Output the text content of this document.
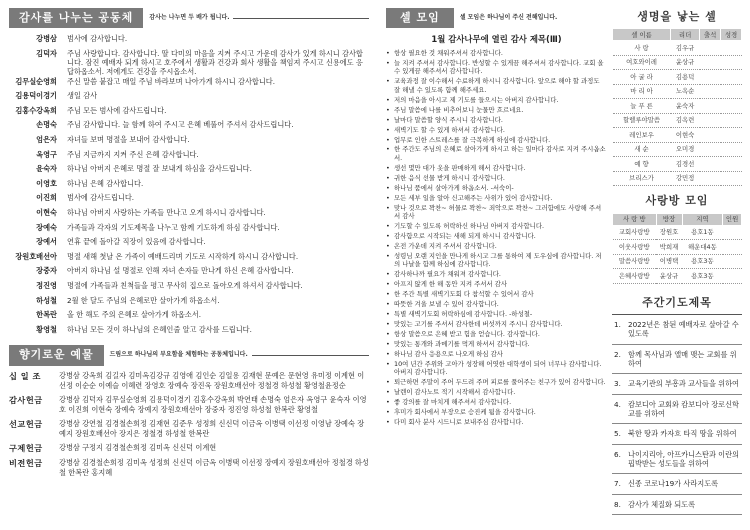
감사를 나누는 공동체	감사는 나누면 두 배가 됩니다.
강병삼	범사에 감사합니다.
김덕자	주님 사랑합니다. 감사합니다. 딸 다미의 마음을 지켜 주시고 가운데 감사가 있게 하시니 감사합니다. 잠진 예배자 되게 하시고 호주에서 생활과 건강과 회사 생활을 책임져 주시고 신용에도 응답하옵소서. 저에게도 건강을 주시옵소서.
김무실순영희	주신 말씀 붙잡고 매일 주님 바라보며 나아가게 하시니 감사합니다.
김용덕이경기	생일 감사
김홍수강옥희	주님 모든 범사에 감사드립니다.
손명숙	주님 감사합니다. 늘 함께 하여 주시고 은혜 베풀어 주셔서 감사드립니다.
엄은자	자녀들 보며 명절을 보내어 감사합니다.
옥영구	주님 지금까지 지켜 주신 은혜 감사합니다.
윤숙자	하나님 아버지 은혜로 명절 잘 보내게 하심을 감사드립니다.
이영호	하나님 은혜 감사합니다.
이진희	범사에 감사드립니다.
이현숙	하나님 아버지 사랑하는 가족들 만나고 오게 하시니 감사합니다.
장예숙	가족들과 각자의 기도제목을 나누고 함께 기도하게 하심 감사합니다.
장예서	연휴 끝에 돌아갈 직장이 있음에 감사합니다.
장원호배선아	명절 새해 첫날 온 가족이 예배드리며 기도로 시작하게 하시니 감사합니다.
장중자	아버지 하나님 설 명절로 인해 자녀 손자들 만나게 하신 은혜 감사합니다.
정진영	명절에 가족들과 친척들을 평고 무사히 집으로 돌아오게 하셔서 감사합니다.
하성철	2월 한 달도 주님의 은혜로만 살아가게 하옵소서.
한복란	올 한 해도 주의 은혜로 살아가게 하옵소서.
황영철	하나님 모든 것이 하나님의 은혜인줄 알고 감사를 드립니다.
향기로운 예물	드림으로 하나님의 부요함을 체험하는 공동체입니다.
십 일 조	강병삼 강옥희 김길자 김미옥김강규 김영애 김인순 김일용 김재현 문예은 문현영 유미정 이계현 이선정 이순순 이예슬 이혜련 장영호 장예숙 장진욱 장원호배선아 정철경 하성철 황영철윤정순
감사헌금	강병삼 김덕자 김무실순영희 김용덕이경기 김홍수강옥희 박연태 손명숙 엄은자 옥영구 윤숙자 이영호 이진희 이현숙 장예숙 장예지 장원호배선아 장중자 정진영 하성철 한복란 황영철
선교헌금	강병삼 강연철 김경철손희정 김재현 김준우 성정희 신신덕 이금옥 이병택 이선정 이영남 장예숙 장예지 장원호배선아 장지은 정철경 하성철 한복란
구제헌금	강병삼 구정지 김경철손희정 김미옥 신신덕 이계현
비전헌금	강병삼 김경철손희정 김미옥 성정희 신신덕 이금옥 이병택 이선정 장예지 장원호배선아 정철경 하성철 한복란 홍지혜
셀 모임	셀 모임은 하나님이 주신 전해입니다.
1월 감사나무에 열린 감사 제목(Ⅲ)
• 항상 필요한 것 채워주셔서 감사합니다.
• 늘 지켜 주셔서 감사합니다. 반성할 수 있게끔 해주셔서 감사합니다. 교회 올 수 있게끔 해주셔서 감사합니다.
• 교육과정 잘 이수해서 수료하게 하시니 감사합니다. 앞으로 해야 할 과정도 잘 해낼 수 있도록 함께 해주세요.
• 저의 마음을 아시고 제 기도를 들으시는 아버지 감사합니다.
• 주님 말씀에 나를 비추어보니 눈물만 흐르네요.
• 날마다 말씀할 양식 주시니 감사합니다.
• 새벽기도 할 수 있게 하셔서 감사합니다.
• 업무로 인한 스트레스를 잘 극복하게 하심에 감사합니다.
• 한 주간도 주님의 은혜로 살아가게 하시고 하는 일마다 감사로 지켜 주시옵소서.
• 생선 몇만 대가 옷을 판매하게 해서 감사합니다.
• 귀한 음식 선물 받게 하시니 감사합니다.
• 하나님 품에서 살아가게 하옵소서. -서숙이-
• 모든 세부 일을 알아 신고해주는 사위가 있어 감사합니다.
• 맞나 것으로 꽉찬~ 허물로 꽉찬~ 죄악으로 꽉찬~ 그러함에도 사랑해 주셔서 감사
• 기도할 수 있도록 허락하신 하나님 아버지 감사합니다.
• 감사함으로 시작되는 새해 되게 하시니 감사합니다.
• 온전 가운데 지켜 주셔서 감사합니다.
• 성령님 오랜 지인을 만나게 하시고 그를 통하여 제 도우심에 감사합니다. 저의 나날을 함께 하심에 감사합니다.
• 감사하나까 필요가 채워져 감사합니다.
• 아프지 않게 한 해 동안 지켜 주셔서 감사
• 한 주간 특별 새벽기도회 다 참석할 수 있어서 감사
• 따뜻한 겨울 보낼 수 있어 감사합니다.
• 특별 새벽기도회 허락하심에 감사합니다. -하성철-
• 맛있는 고기를 주셔서 감사한데 버섯까지 주시니 감사합니다.
• 항상 말씀으로 은혜 받고 힘을 얻습니다. 감사합니다.
• 맛있는 통개와 과메기를 먹게 하셔서 감사합니다.
• 하나님 감사 응용으로 나오게 하심 감사
• 10여 년간 주위와 고아가 성장해 어엿한 대학생이 되어 너무나 감사합니다. 아버지 감사합니다.
• 퇴근하면 주말이 주어 두드려 주며 피로를 풀어주는 친구가 있어 감사합니다.
• 날렌이 감사노트 적기 시작해서 감사합니다.
• 좋 강의를 잘 마치게 해주셔서 감사합니다.
• 후미가 회사에서 부장으로 승진케 됨을 감사합니다.
• 다미 회사 분사 시드니로 보내주심 감사합니다.
생명을 낳는 셀
셀 이름	리더	출석	성경
사 랑	김우규		
여호와이레	윤상규		
아 굴 라	김용덕		
마 리 아	노옥순		
늘 푸 른	윤숙자		
할렐루야말씀	김옥련		
레인보우	이현숙		
새 순	오미경		
예 향	김경선		
브리스가	강민정		
사랑방 모임
사 랑 방	방장	지역	인원
교회사랑방	장원호	용호1동	
이웃사랑방	박희재	해운대4동	
말씀사랑방	이병택	용호3동	
은혜사랑방	윤상규	용호3동	
주간기도제목
1. 2022년은 참된 예배자로 살아갈 수 있도록
2. 함께 목사님과 앨매 맺는 교회를 위하여
3. 교육기관의 부흥과 교사들을 위하여
4. 캄보디아 교회와 캄보디아 장로신학교를 위하여
5. 북한 땅과 카자흐 타직 땅을 위하여
6. 나이지리아, 아프카니스탄과 이란의 핍박받는 성도들을 위하여
7. 신종 코로나19가 사라지도록
8. 감사가 체질화 되도록
